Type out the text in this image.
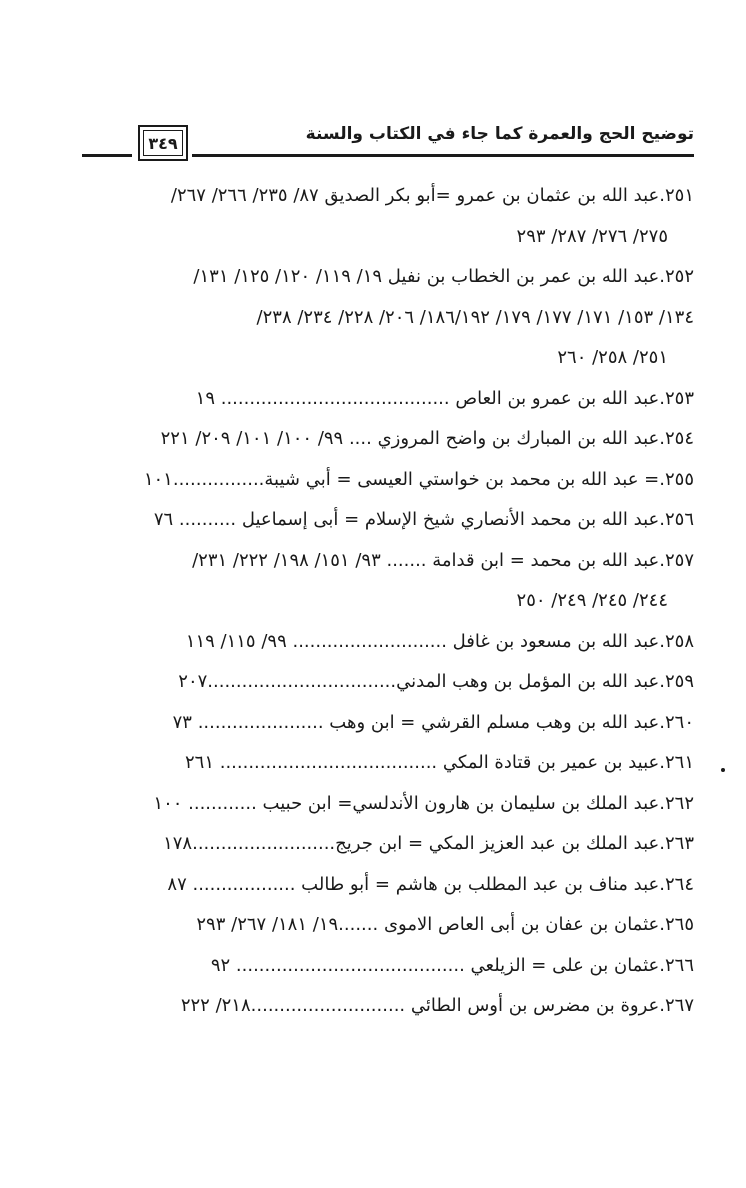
توضيح الحج والعمرة كما جاء في الكتاب والسنة
٣٤٩
٢٥١.عبد الله بن عثمان بن عمرو =أبو بكر الصديق ٨٧/ ٢٣٥/ ٢٦٦/ ٢٦٧/
٢٧٥/ ٢٧٦/ ٢٨٧/ ٢٩٣
٢٥٢.عبد الله بن عمر بن الخطاب بن نفيل ١٩/ ١١٩/ ١٢٠/ ١٢٥/ ١٣١/
١٣٤/ ١٥٣/ ١٧١/ ١٧٧/ ١٧٩/ ١٨٦/١٩٢/ ٢٠٦/ ٢٢٨/ ٢٣٤/ ٢٣٨/
٢٥١/ ٢٥٨/ ٢٦٠
٢٥٣.عبد الله بن عمرو بن العاص ........................................ ١٩
٢٥٤.عبد الله بن المبارك بن واضح المروزي .... ٩٩/ ١٠٠/ ١٠١/ ٢٠٩/ ٢٢١
٢٥٥.= عبد الله بن محمد بن خواستي العيسى = أبي شيبة................١٠١
٢٥٦.عبد الله بن محمد الأنصاري شيخ الإسلام = أبى إسماعيل .......... ٧٦
٢٥٧.عبد الله بن محمد = ابن قدامة ....... ٩٣/ ١٥١/ ١٩٨/ ٢٢٢/ ٢٣١/
٢٤٤/ ٢٤٥/ ٢٤٩/ ٢٥٠
٢٥٨.عبد الله بن مسعود بن غافل ........................... ٩٩/ ١١٥/ ١١٩
٢٥٩.عبد الله بن المؤمل بن وهب المدني.................................٢٠٧
٢٦٠.عبد الله بن وهب مسلم القرشي = ابن وهب ...................... ٧٣
٢٦١.عبيد بن عمير بن قتادة المكي ...................................... ٢٦١
٢٦٢.عبد الملك بن سليمان بن هارون الأندلسي= ابن حبيب ............ ١٠٠
٢٦٣.عبد الملك بن عبد العزيز المكي = ابن جريج.........................١٧٨
٢٦٤.عبد مناف بن عبد المطلب بن هاشم = أبو طالب .................. ٨٧
٢٦٥.عثمان بن عفان بن أبى العاص الاموى .......١٩/ ١٨١/ ٢٦٧/ ٢٩٣
٢٦٦.عثمان بن على = الزيلعي ........................................ ٩٢
٢٦٧.عروة بن مضرس بن أوس الطائي ...........................٢١٨/ ٢٢٢
